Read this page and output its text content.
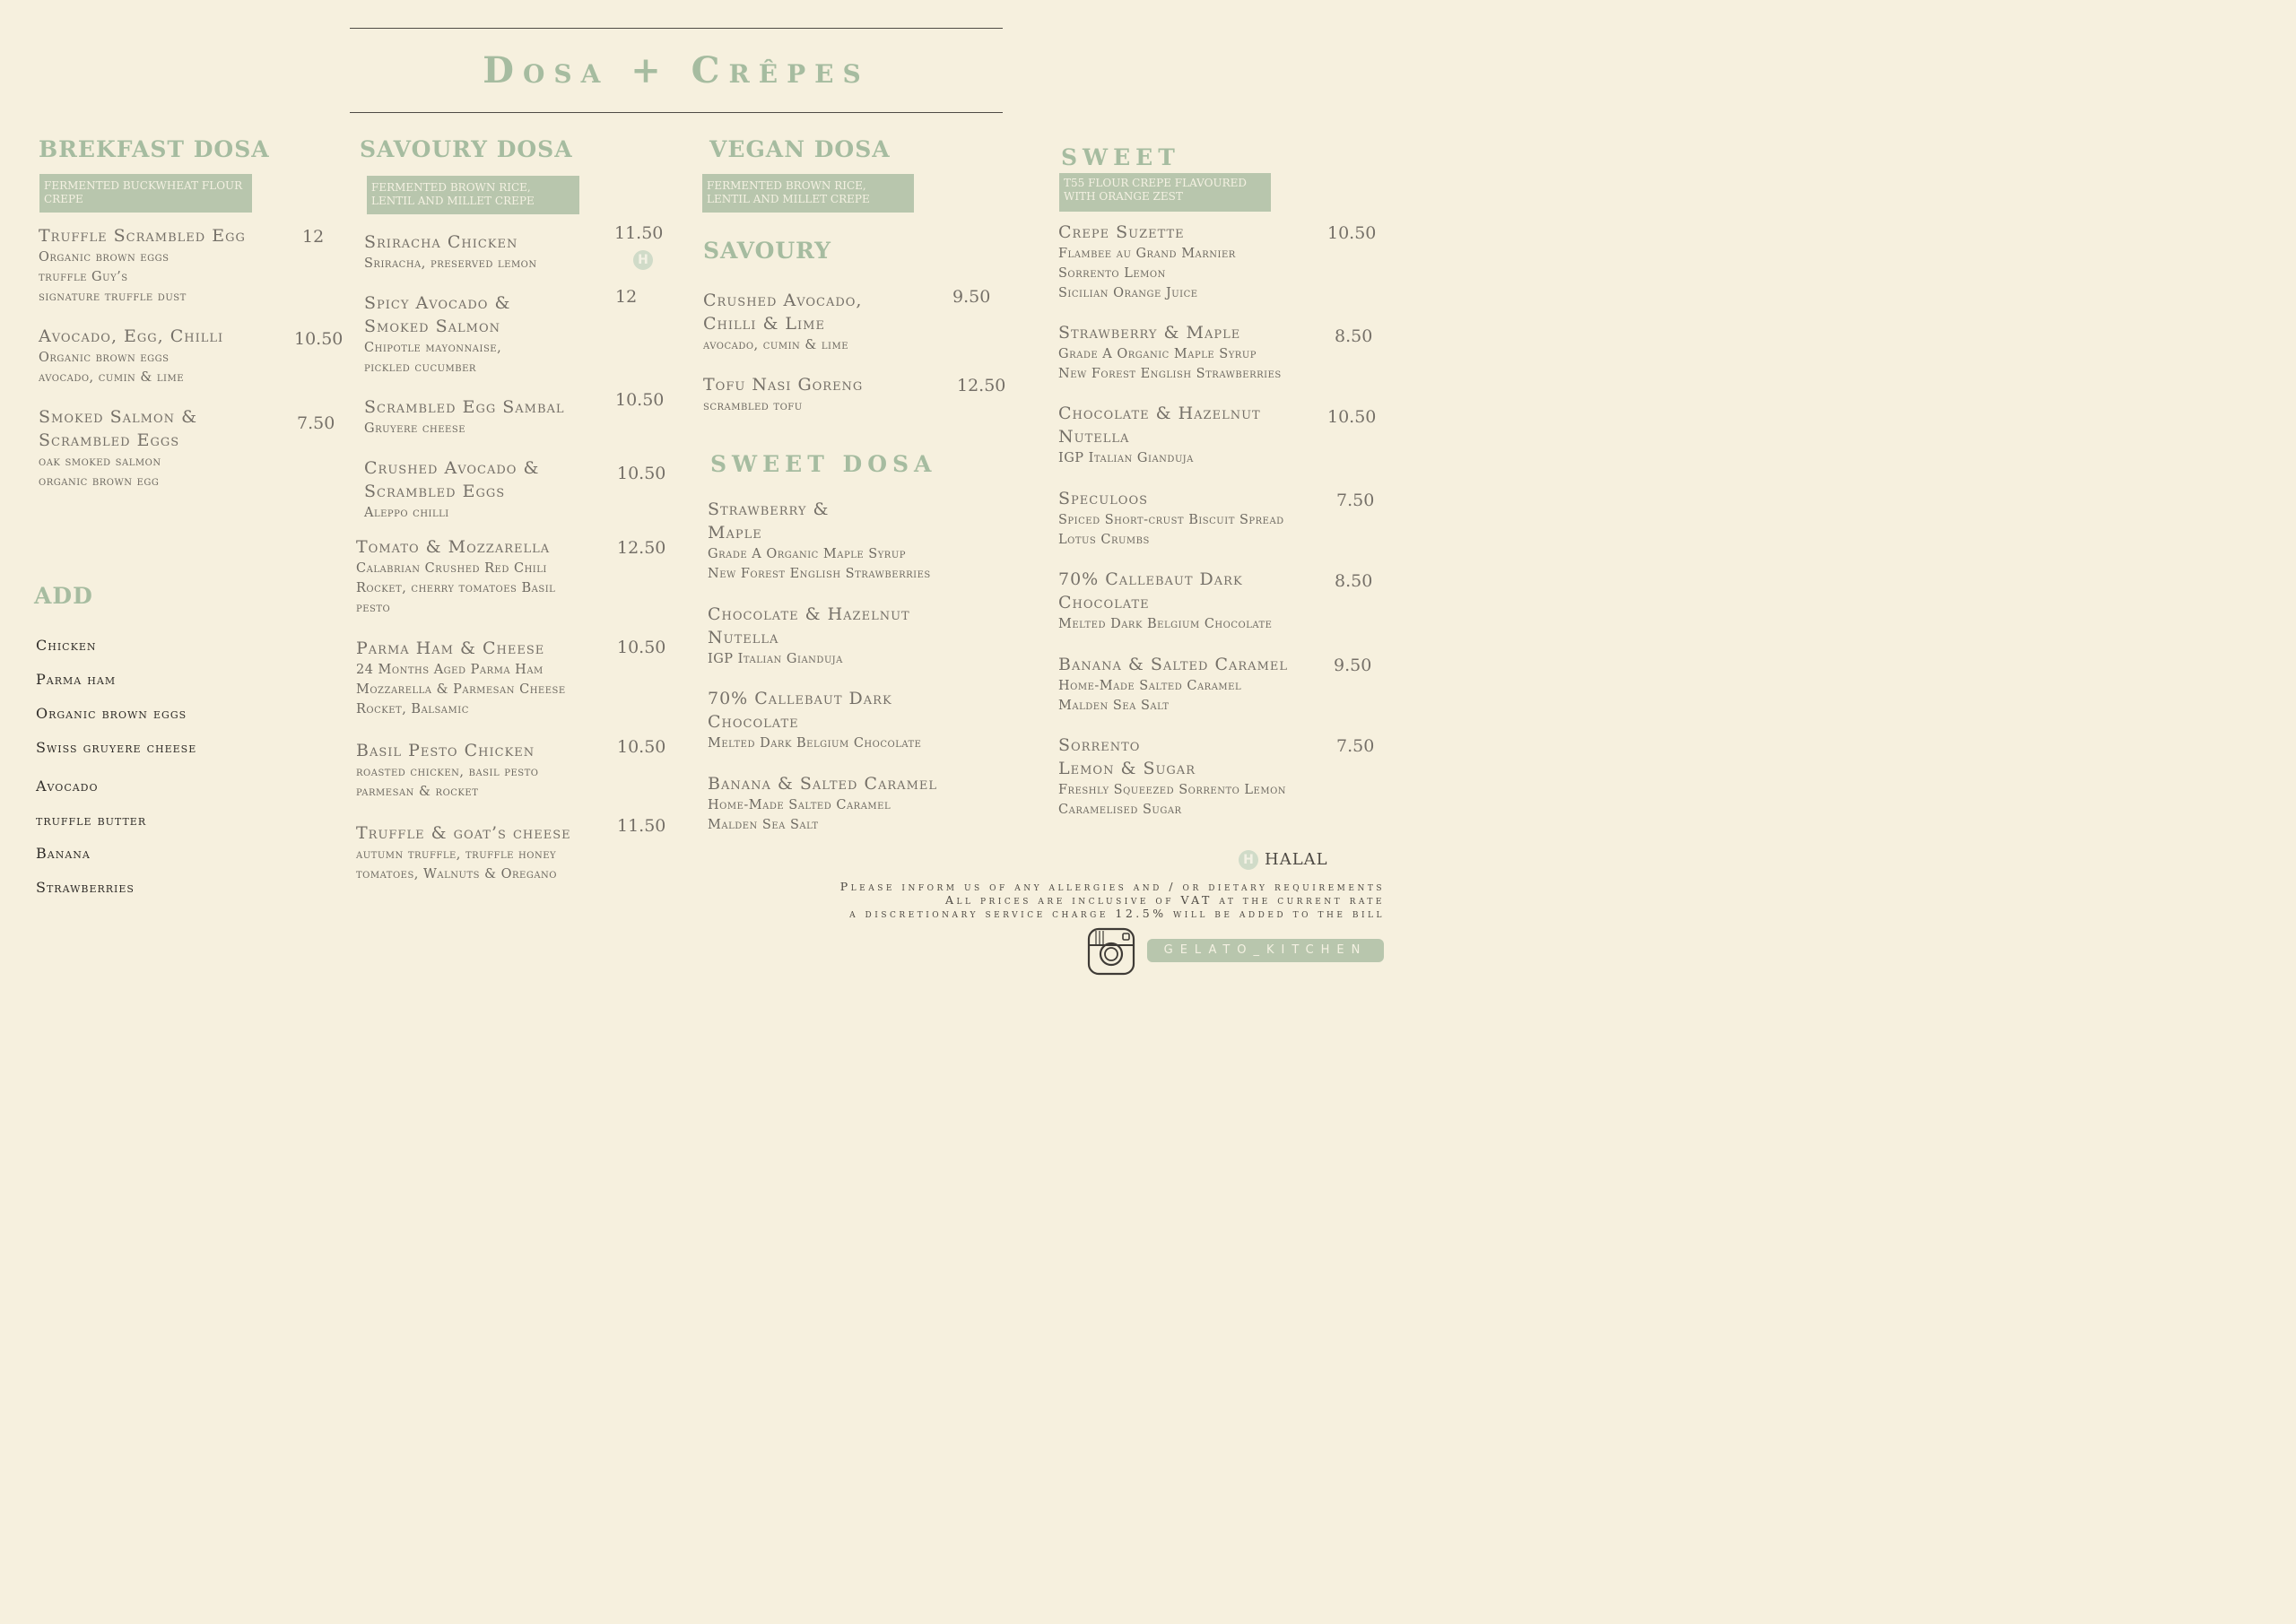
Dosa + Crêpes
BREKFAST DOSA
FERMENTED BUCKWHEAT FLOUR CREPE
Truffle Scrambled Egg
Organic brown eggs
truffle Guy’s
signature truffle dust
12
Avocado, Egg, Chilli
Organic brown eggs
avocado, cumin & lime
10.50
Smoked Salmon &
Scrambled Eggs
oak smoked salmon
organic brown egg
7.50
ADD
Chicken
Parma ham
Organic brown eggs
Swiss gruyere cheese
Avocado
truffle butter
Banana
Strawberries
SAVOURY DOSA
FERMENTED BROWN RICE, LENTIL AND MILLET CREPE
Sriracha Chicken
Sriracha, preserved lemon
11.50
H
Spicy Avocado &
Smoked Salmon
Chipotle mayonnaise,
pickled cucumber
12
Scrambled Egg Sambal
Gruyere cheese
10.50
Crushed Avocado &
Scrambled Eggs
Aleppo chilli
10.50
Tomato & Mozzarella
Calabrian Crushed Red Chili
Rocket, cherry tomatoes Basil
pesto
12.50
Parma Ham & Cheese
24 Months Aged Parma Ham
Mozzarella & Parmesan Cheese
Rocket, Balsamic
10.50
Basil Pesto Chicken
roasted chicken, basil pesto
parmesan & rocket
10.50
Truffle & goat’s cheese
autumn truffle, truffle honey
tomatoes, Walnuts & Oregano
11.50
VEGAN DOSA
FERMENTED BROWN RICE, LENTIL AND MILLET CREPE
SAVOURY
Crushed Avocado,
Chilli & Lime
avocado, cumin & lime
9.50
Tofu Nasi Goreng
scrambled tofu
12.50
SWEET DOSA
Strawberry &
Maple
Grade A Organic Maple Syrup
New Forest English Strawberries
Chocolate & Hazelnut
Nutella
IGP Italian Gianduja
70% Callebaut Dark
Chocolate
Melted Dark Belgium Chocolate
Banana & Salted Caramel
Home-Made Salted Caramel
Malden Sea Salt
SWEET
T55 FLOUR CREPE FLAVOURED WITH ORANGE ZEST
Crepe Suzette
Flambee au Grand Marnier
Sorrento Lemon
Sicilian Orange Juice
10.50
Strawberry & Maple
Grade A Organic Maple Syrup
New Forest English Strawberries
8.50
Chocolate & Hazelnut
Nutella
IGP Italian Gianduja
10.50
Speculoos
Spiced Short-crust Biscuit Spread
Lotus Crumbs
7.50
70% Callebaut Dark
Chocolate
Melted Dark Belgium Chocolate
8.50
Banana & Salted Caramel
Home-Made Salted Caramel
Malden Sea Salt
9.50
Sorrento
Lemon & Sugar
Freshly Squeezed Sorrento Lemon
Caramelised Sugar
7.50
H HALAL
Please inform us of any allergies and / or dietary requirements
All prices are inclusive of VAT at the current rate
a discretionary service charge 12.5% will be added to the bill
GELATO_KITCHEN
